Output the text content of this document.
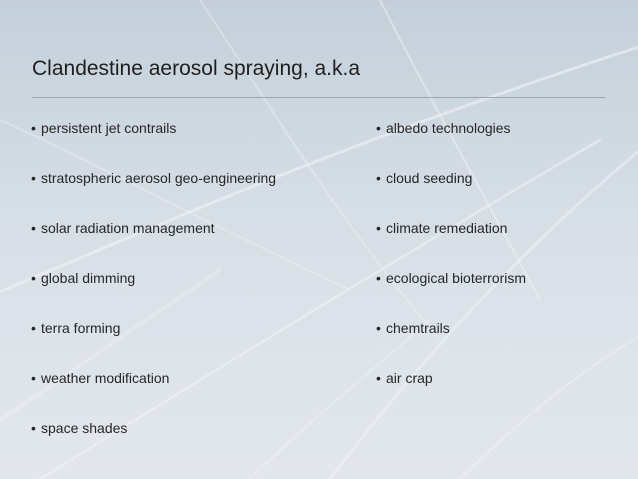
Clandestine aerosol spraying, a.k.a
• persistent jet contrails
• stratospheric aerosol geo-engineering
• solar radiation management
• global dimming
• terra forming
• weather modification
• space shades
• albedo technologies
• cloud seeding
• climate remediation
• ecological bioterrorism
• chemtrails
• air crap
